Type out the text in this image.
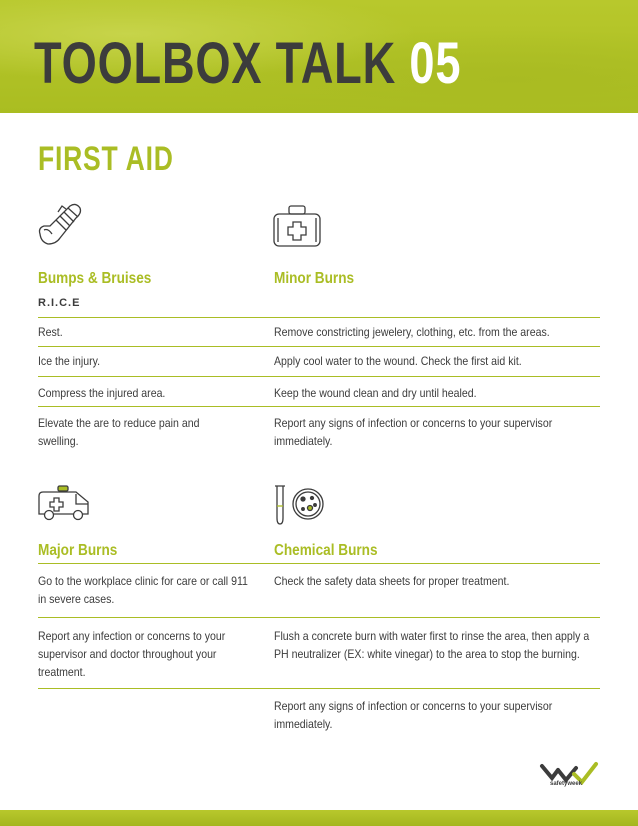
TOOLBOX TALK 05
FIRST AID
Bumps & Bruises
R.I.C.E
Minor Burns
Rest.
Ice the injury.
Compress the injured area.
Elevate the are to reduce pain and swelling.
Remove constricting jewelery, clothing, etc. from the areas.
Apply cool water to the wound. Check the first aid kit.
Keep the wound clean and dry until healed.
Report any signs of infection or concerns to your supervisor immediately.
Major Burns	Chemical Burns
Go to the workplace clinic for care or call 911 in severe cases.
Report any infection or concerns to your supervisor and doctor throughout your treatment.
Check the safety data sheets for proper treatment.
Flush a concrete burn with water first to rinse the area, then apply a PH neutralizer (EX: white vinegar) to the area to stop the burning.
Report any signs of infection or concerns to your supervisor immediately.
safetyweek
